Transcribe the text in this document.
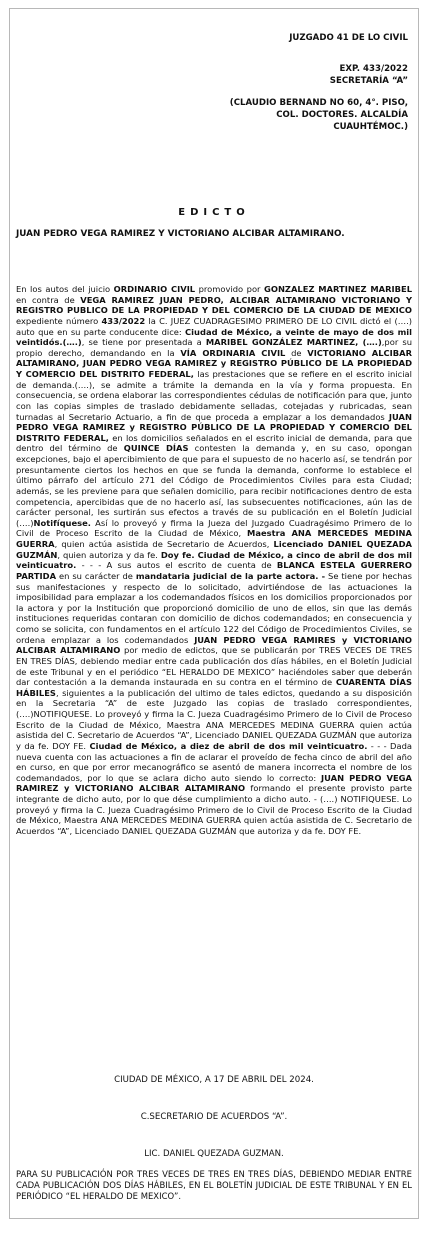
JUZGADO 41 DE LO CIVIL
EXP. 433/2022
SECRETARÍA “A”
(CLAUDIO BERNAND NO 60, 4°. PISO,
COL. DOCTORES. ALCALDÍA
CUAUHTÉMOC.)
EDICTO
JUAN PEDRO VEGA RAMIREZ Y VICTORIANO ALCIBAR ALTAMIRANO.
En los autos del juicio ORDINARIO CIVIL promovido por GONZALEZ MARTINEZ MARIBEL en contra de VEGA RAMIREZ JUAN PEDRO, ALCIBAR ALTAMIRANO VICTORIANO Y REGISTRO PUBLICO DE LA PROPIEDAD Y DEL COMERCIO DE LA CIUDAD DE MEXICO expediente número 433/2022 la C. JUEZ CUADRAGESIMO PRIMERO DE LO CIVIL dictó el (….) auto que en su parte conducente dice: Ciudad de México, a veinte de mayo de dos mil veintidós.(….), se tiene por presentada a MARIBEL GONZÁLEZ MARTINEZ, (….),por su propio derecho, demandando en la VÍA ORDINARIA CIVIL de VICTORIANO ALCIBAR ALTAMIRANO, JUAN PEDRO VEGA RAMIREZ y REGISTRO PÚBLICO DE LA PROPIEDAD Y COMERCIO DEL DISTRITO FEDERAL, las prestaciones que se refiere en el escrito inicial de demanda.(….), se admite a trámite la demanda en la vía y forma propuesta. En consecuencia, se ordena elaborar las correspondientes cédulas de notificación para que, junto con las copias simples de traslado debidamente selladas, cotejadas y rubricadas, sean turnadas al Secretario Actuario, a fin de que proceda a emplazar a los demandados JUAN PEDRO VEGA RAMIREZ y REGISTRO PÚBLICO DE LA PROPIEDAD Y COMERCIO DEL DISTRITO FEDERAL, en los domicilios señalados en el escrito inicial de demanda, para que dentro del término de QUINCE DÍAS contesten la demanda y, en su caso, opongan excepciones, bajo el apercibimiento de que para el supuesto de no hacerlo así, se tendrán por presuntamente ciertos los hechos en que se funda la demanda, conforme lo establece el último párrafo del artículo 271 del Código de Procedimientos Civiles para esta Ciudad; además, se les previene para que señalen domicilio, para recibir notificaciones dentro de esta competencia, apercibidas que de no hacerlo así, las subsecuentes notificaciones, aún las de carácter personal, les surtirán sus efectos a través de su publicación en el Boletín Judicial (….)Notifíquese. Así lo proveyó y firma la Jueza del Juzgado Cuadragésimo Primero de lo Civil de Proceso Escrito de la Ciudad de México, Maestra ANA MERCEDES MEDINA GUERRA, quien actúa asistida de Secretario de Acuerdos, Licenciado DANIEL QUEZADA GUZMÁN, quien autoriza y da fe. Doy fe. Ciudad de México, a cinco de abril de dos mil veinticuatro. - - - A sus autos el escrito de cuenta de BLANCA ESTELA GUERRERO PARTIDA en su carácter de mandataria judicial de la parte actora. - Se tiene por hechas sus manifestaciones y respecto de lo solicitado, advirtiéndose de las actuaciones la imposibilidad para emplazar a los codemandados físicos en los domicilios proporcionados por la actora y por la Institución que proporcionó domicilio de uno de ellos, sin que las demás instituciones requeridas contaran con domicilio de dichos codemandados; en consecuencia y como se solicita, con fundamentos en el artículo 122 del Código de Procedimientos Civiles, se ordena emplazar a los codemandados JUAN PEDRO VEGA RAMIRES y VICTORIANO ALCIBAR ALTAMIRANO por medio de edictos, que se publicarán por TRES VECES DE TRES EN TRES DÍAS, debiendo mediar entre cada publicación dos días hábiles, en el Boletín Judicial de este Tribunal y en el periódico “EL HERALDO DE MEXICO” haciéndoles saber que deberán dar contestación a la demanda instaurada en su contra en el término de CUARENTA DÍAS HÁBILES, siguientes a la publicación del ultimo de tales edictos, quedando a su disposición en la Secretaria “A” de este Juzgado las copias de traslado correspondientes, (….)NOTIFIQUESE. Lo proveyó y firma la C. Jueza Cuadragésimo Primero de lo Civil de Proceso Escrito de la Ciudad de México, Maestra ANA MERCEDES MEDINA GUERRA quien actúa asistida del C. Secretario de Acuerdos “A”, Licenciado DANIEL QUEZADA GUZMÁN que autoriza y da fe. DOY FE. Ciudad de México, a diez de abril de dos mil veinticuatro. - - - Dada nueva cuenta con las actuaciones a fin de aclarar el proveído de fecha cinco de abril del año en curso, en que por error mecanográfico se asentó de manera incorrecta el nombre de los codemandados, por lo que se aclara dicho auto siendo lo correcto: JUAN PEDRO VEGA RAMIREZ y VICTORIANO ALCIBAR ALTAMIRANO formando el presente provisto parte integrante de dicho auto, por lo que dése cumplimiento a dicho auto. - (….) NOTIFIQUESE. Lo proveyó y firma la C. Jueza Cuadragésimo Primero de lo Civil de Proceso Escrito de la Ciudad de México, Maestra ANA MERCEDES MEDINA GUERRA quien actúa asistida de C. Secretario de Acuerdos “A”, Licenciado DANIEL QUEZADA GUZMÁN que autoriza y da fe. DOY FE.
CIUDAD DE MÉXICO, A 17 DE ABRIL DEL 2024.
C.SECRETARIO DE ACUERDOS “A”.
LIC. DANIEL QUEZADA GUZMAN.
PARA SU PUBLICACIÓN POR TRES VECES DE TRES EN TRES DÍAS, DEBIENDO MEDIAR ENTRE CADA PUBLICACIÓN DOS DÍAS HÁBILES, EN EL BOLETÍN JUDICIAL DE ESTE TRIBUNAL Y EN EL PERIÓDICO “EL HERALDO DE MEXICO”.
